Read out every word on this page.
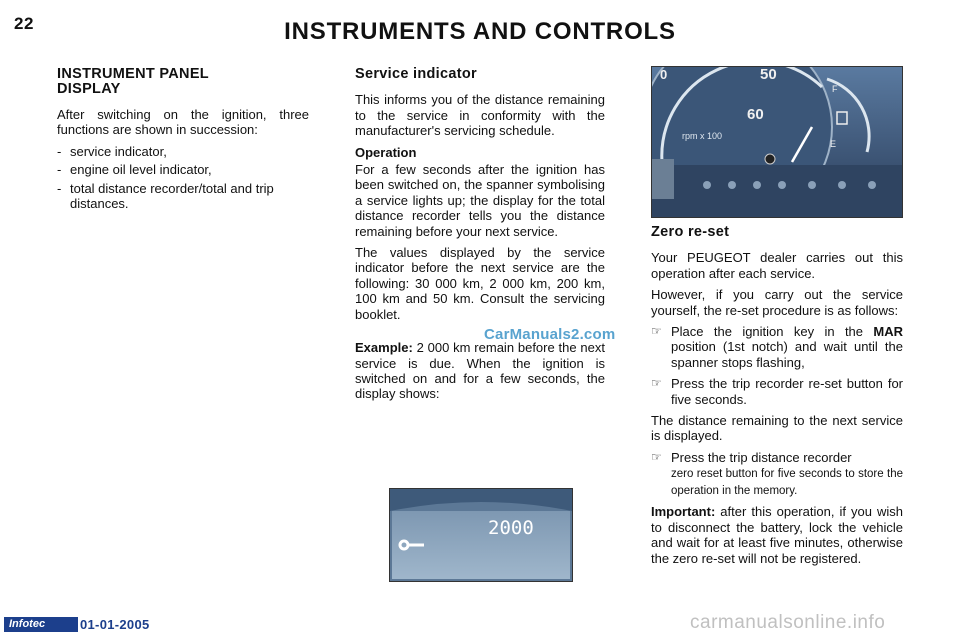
22	INSTRUMENTS AND CONTROLS
INSTRUMENT PANEL
DISPLAY

After switching on the ignition, three functions are shown in succession:

- service indicator,
- engine oil level indicator,
- total distance recorder/total and trip distances.
Service indicator

This informs you of the distance remaining to the service in conformity with the manufacturer's servicing schedule.

Operation

For a few seconds after the ignition has been switched on, the spanner symbolising a service lights up; the display for the total distance recorder tells you the distance remaining before your next service.

The values displayed by the service indicator before the next service are the following: 30 000 km, 2 000 km, 200 km, 100 km and 50 km. Consult the servicing booklet.

Example: 2 000 km remain before the next service is due. When the ignition is switched on and for a few seconds, the display shows:

CarManuals2.com
0	50
60
rpm x 100
F
E
Zero re-set

Your PEUGEOT dealer carries out this operation after each service.

However, if you carry out the service yourself, the re-set procedure is as follows:

☞ Place the ignition key in the MAR position (1st notch) and wait until the spanner stops flashing,
☞ Press the trip recorder re-set button for five seconds.

The distance remaining to the next service is displayed.

☞ Press the trip distance recorder
zero reset button for five seconds to store the operation in the memory.

Important: after this operation, if you wish to disconnect the battery, lock the vehicle and wait for at least five minutes, otherwise the zero re-set will not be registered.

2000
Infotec	01-01-2005	carmanualsonline.info
